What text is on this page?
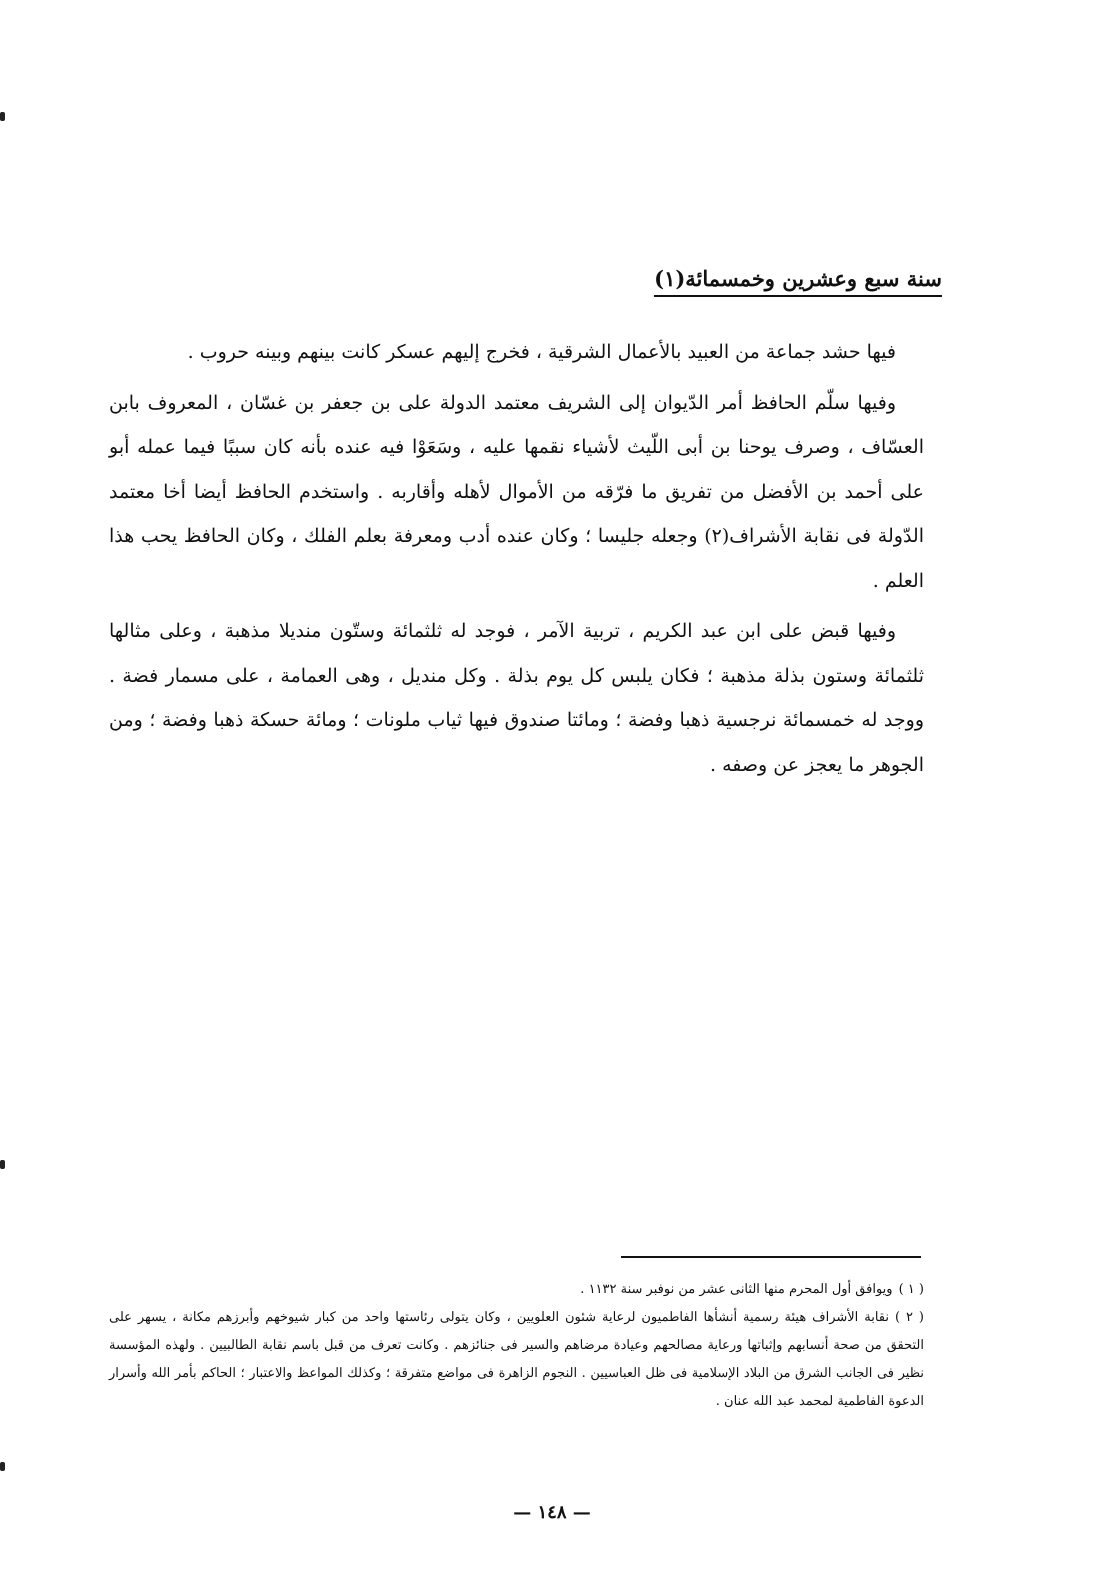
سنة سبع وعشرين وخمسمائة(١)

فيها حشد جماعة من العبيد بالأعمال الشرقية ، فخرج إليهم عسكر كانت بينهم وبينه حروب .

وفيها سلّم الحافظ أمر الدّيوان إلى الشريف معتمد الدولة على بن جعفر بن غسّان ، المعروف بابن العسّاف ، وصرف يوحنا بن أبى اللّيث لأشياء نقمها عليه ، وسَعَوْا فيه عنده بأنه كان سببًا فيما عمله أبو على أحمد بن الأفضل من تفريق ما فرّقه من الأموال لأهله وأقاربه . واستخدم الحافظ أيضا أخا معتمد الدّولة فى نقابة الأشراف(٢) وجعله جليسا ؛ وكان عنده أدب ومعرفة بعلم الفلك ، وكان الحافظ يحب هذا العلم .

وفيها قبض على ابن عبد الكريم ، تربية الآمر ، فوجد له ثلثمائة وستّون منديلا مذهبة ، وعلى مثالها ثلثمائة وستون بذلة مذهبة ؛ فكان يلبس كل يوم بذلة . وكل منديل ، وهى العمامة ، على مسمار فضة . ووجد له خمسمائة نرجسية ذهبا وفضة ؛ ومائتا صندوق فيها ثياب ملونات ؛ ومائة حسكة ذهبا وفضة ؛ ومن الجوهر ما يعجز عن وصفه .

( ١ )ويوافق أول المحرم منها الثانى عشر من نوفبر سنة ١١٣٢ .

( ٢ )نقابة الأشراف هيئة رسمية أنشأها الفاطميون لرعاية شئون العلويين ، وكان يتولى رئاستها واحد من كبار شيوخهم وأبرزهم مكانة ، يسهر على التحقق من صحة أنسابهم وإثباتها ورعاية مصالحهم وعيادة مرضاهم والسير فى جنائزهم . وكانت تعرف من قبل باسم نقابة الطالبيين . ولهذه المؤسسة نظير فى الجانب الشرق من البلاد الإسلامية فى ظل العباسيين . النجوم الزاهرة فى مواضع متفرقة ؛ وكذلك المواعظ والاعتبار ؛ الحاكم بأمر الله وأسرار الدعوة الفاطمية لمحمد عبد الله عنان .

— ١٤٨ —
